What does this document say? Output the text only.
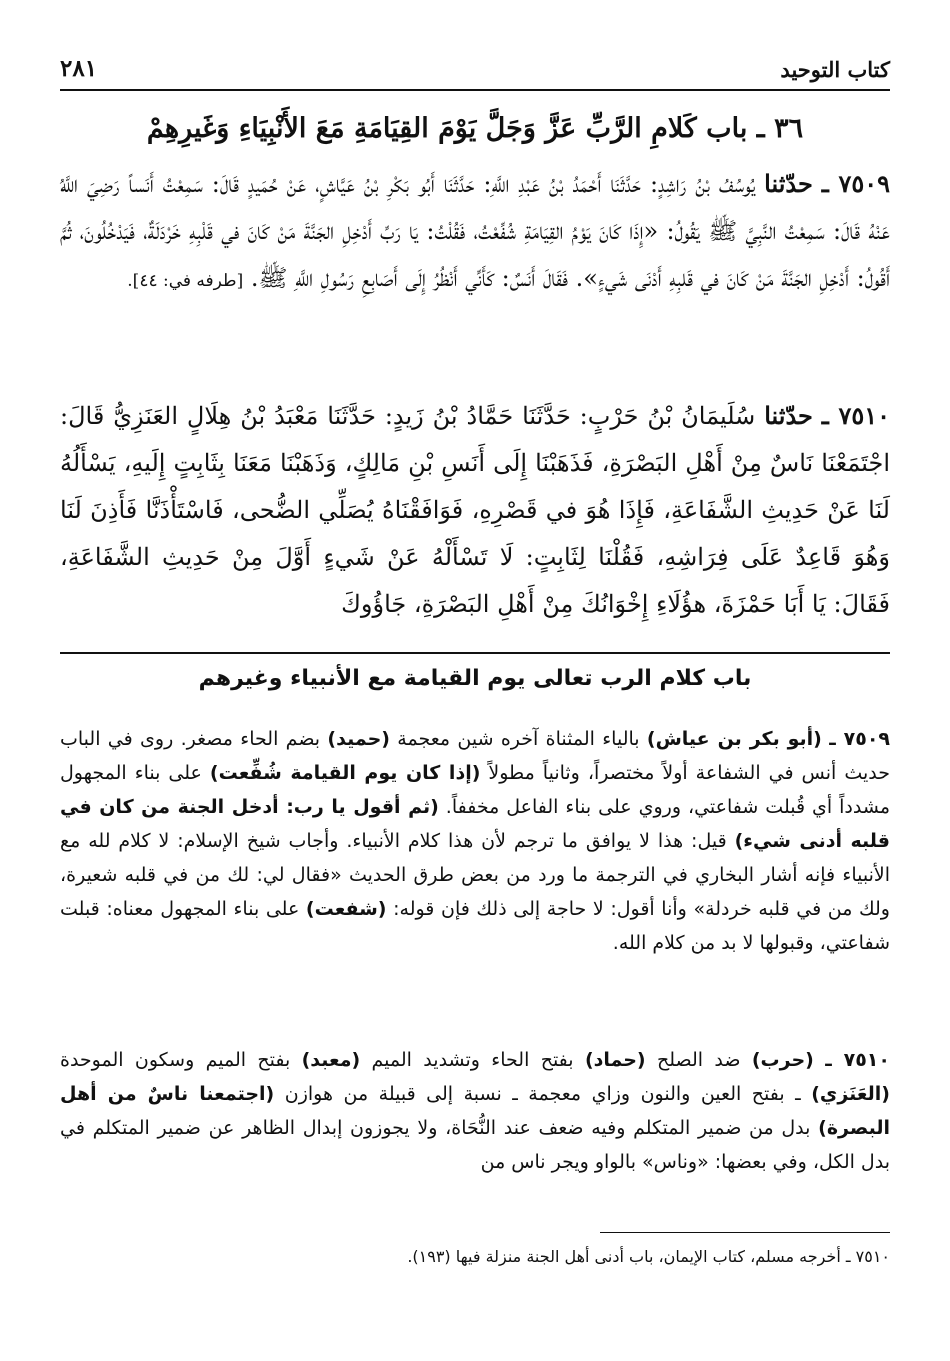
كتاب التوحيد
٢٨١
٣٦ ـ باب كَلامِ الرَّبِّ عَزَّ وَجَلَّ يَوْمَ القِيَامَةِ مَعَ الأَنْبِيَاءِ وَغَيرِهِمْ
٧٥٠٩ ـ حدّثنا يُوسُفُ بْنُ رَاشِدٍ: حَدَّثَنَا أَحْمَدُ بْنُ عَبْدِ اللَّهِ: حَدَّثَنَا أَبُو بَكْرِ بْنُ عَيَّاشٍ، عَنْ حُمَيدٍ قَالَ: سَمِعْتُ أَنَساً رَضِيَ اللَّهُ عَنْهُ قَالَ: سَمِعْتُ النَّبِيَّ ﷺ يَقُولُ: «إِذَا كَانَ يَوْمُ القِيَامَةِ شُفِّعْتُ، فَقُلْتُ: يَا رَبِّ أَدْخِلِ الجَنَّةَ مَنْ كَانَ في قَلْبِهِ خَرْدَلَةٌ، فَيَدْخُلُونَ، ثُمَّ أَقُولُ: أَدْخِلِ الجَنَّةَ مَنْ كَانَ في قَلبِهِ أَدْنَى شَيءٍ». فَقَالَ أَنَسٌ: كَأَنِّي أَنْظُرُ إِلَى أَصَابِعِ رَسُولِ اللَّهِ ﷺ. [طرفه في: ٤٤].
٧٥١٠ ـ حدّثنا سُلَيمَانُ بْنُ حَرْبٍ: حَدَّثَنَا حَمَّادُ بْنُ زَيدٍ: حَدَّثَنَا مَعْبَدُ بْنُ هِلَالٍ العَنَزِيُّ قَالَ: اجْتَمَعْنَا نَاسٌ مِنْ أَهْلِ البَصْرَةِ، فَذَهَبْنَا إِلَى أَنَسِ بْنِ مَالِكٍ، وَذَهَبْنَا مَعَنَا بِثَابِتٍ إِلَيهِ، يَسْأَلُهُ لَنَا عَنْ حَدِيثِ الشَّفَاعَةِ، فَإِذَا هُوَ في قَصْرِهِ، فَوَافَقْنَاهُ يُصَلِّي الضُّحى، فَاسْتَأْذَنَّا فَأَذِنَ لَنَا وَهُوَ قَاعِدٌ عَلَى فِرَاشِهِ، فَقُلْنَا لِثَابِتٍ: لَا تَسْأَلْهُ عَنْ شَيءٍ أَوَّلَ مِنْ حَدِيثِ الشَّفَاعَةِ، فَقَالَ: يَا أَبَا حَمْزَةَ، هؤُلَاءِ إِخْوَانُكَ مِنْ أَهْلِ البَصْرَةِ، جَاؤُوكَ
باب كلام الرب تعالى يوم القيامة مع الأنبياء وغيرهم
٧٥٠٩ ـ (أبو بكر بن عياش) بالياء المثناة آخره شين معجمة (حميد) بضم الحاء مصغر. روى في الباب حديث أنس في الشفاعة أولاً مختصراً، وثانياً مطولاً (إذا كان يوم القيامة شُفِّعت) على بناء المجهول مشدداً أي قُبلت شفاعتي، وروي على بناء الفاعل مخففاً. (ثم أقول يا رب: أدخل الجنة من كان في قلبه أدنى شيء) قيل: هذا لا يوافق ما ترجم لأن هذا كلام الأنبياء. وأجاب شيخ الإسلام: لا كلام لله مع الأنبياء فإنه أشار البخاري في الترجمة ما ورد من بعض طرق الحديث «فقال لي: لك من في قلبه شعيرة، ولك من في قلبه خردلة» وأنا أقول: لا حاجة إلى ذلك فإن قوله: (شفعت) على بناء المجهول معناه: قبلت شفاعتي، وقبولها لا بد من كلام الله.
٧٥١٠ ـ (حرب) ضد الصلح (حماد) بفتح الحاء وتشديد الميم (معبد) بفتح الميم وسكون الموحدة (العَنَزي) ـ بفتح العين والنون وزاي معجمة ـ نسبة إلى قبيلة من هوازن (اجتمعنا ناسٌ من أهل البصرة) بدل من ضمير المتكلم وفيه ضعف عند النُّحَاة، ولا يجوزون إبدال الظاهر عن ضمير المتكلم في بدل الكل، وفي بعضها: «وناس» بالواو ويجر ناس من
٧٥١٠ ـ أخرجه مسلم، كتاب الإيمان، باب أدنى أهل الجنة منزلة فيها (١٩٣).
